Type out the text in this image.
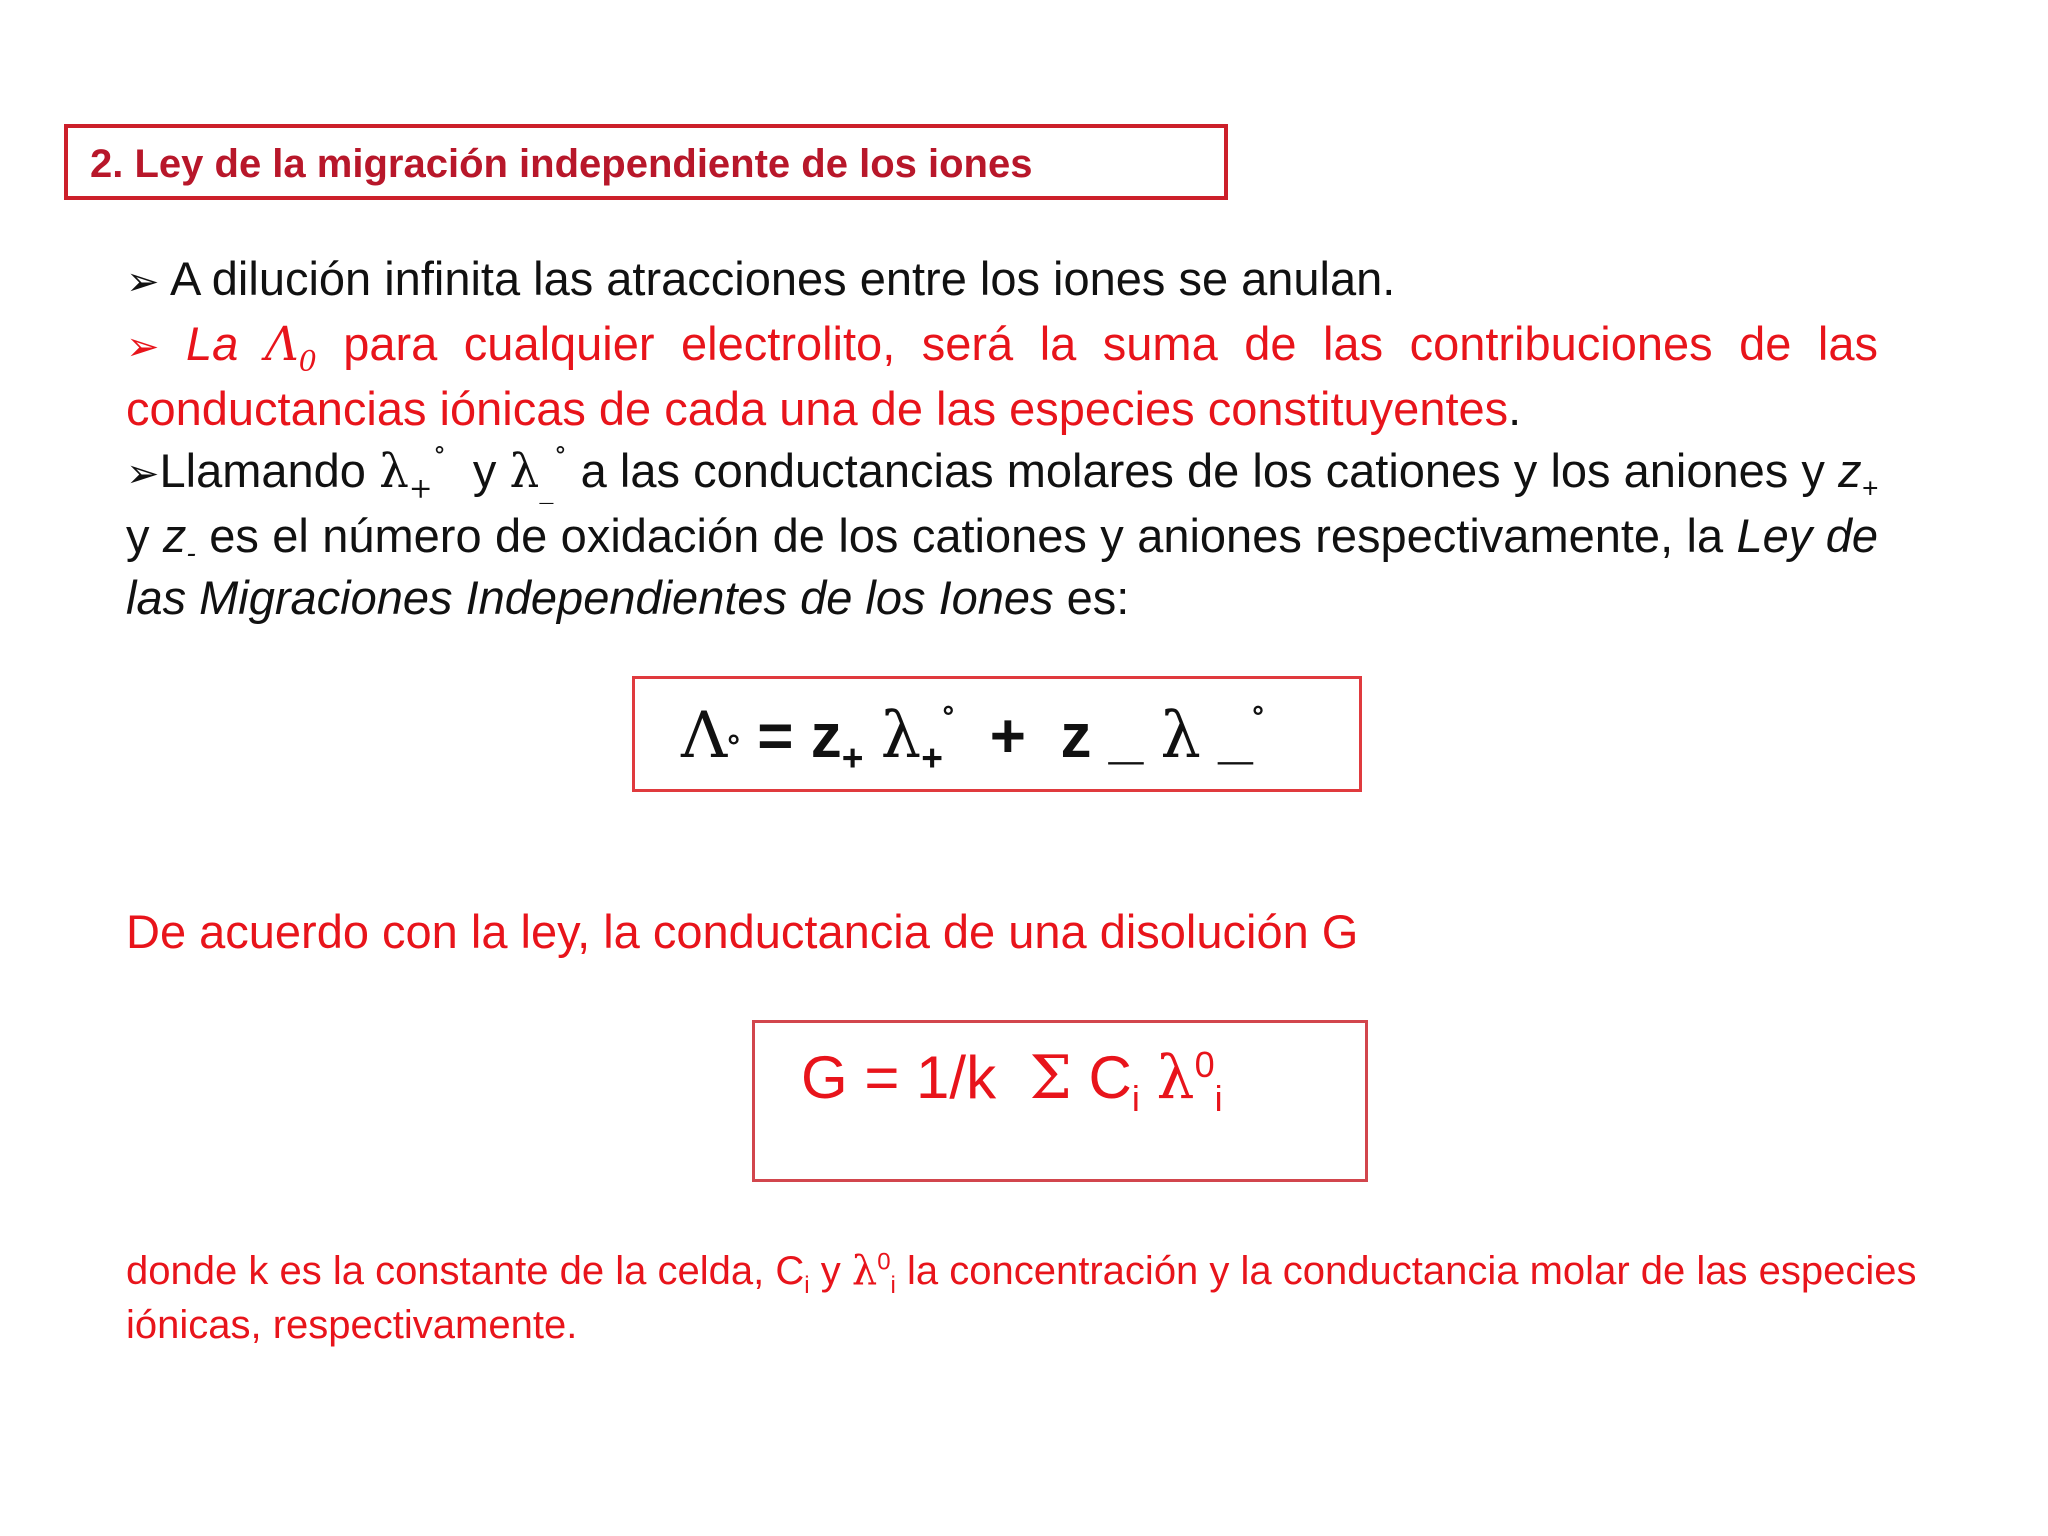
2. Ley de la migración independiente de los iones

➢ A dilución infinita las atracciones entre los iones se anulan.

➢ La $\Lambda_0$ para cualquier electrolito, será la suma de las contribuciones de las conductancias iónicas de cada una de las especies constituyentes.

➢Llamando $\lambda_+^˚$ y $\lambda_{\_}^˚$ a las conductancias molares de los cationes y los aniones y $z_+$ y $z_-$ es el número de oxidación de los cationes y aniones respectivamente, la Ley de las Migraciones Independientes de los Iones es:

$\Lambda^\circ = z_+$ $\lambda_+^˚ + z$ _ λ _˚
De acuerdo con la ley, la conductancia de una disolución G
G = 1/k Σ $C_i$ $\lambda^0_i$
donde k es la constante de la celda, $C_i$ y $\lambda^0_i$ la concentración y la conductancia molar de las especies iónicas, respectivamente.
